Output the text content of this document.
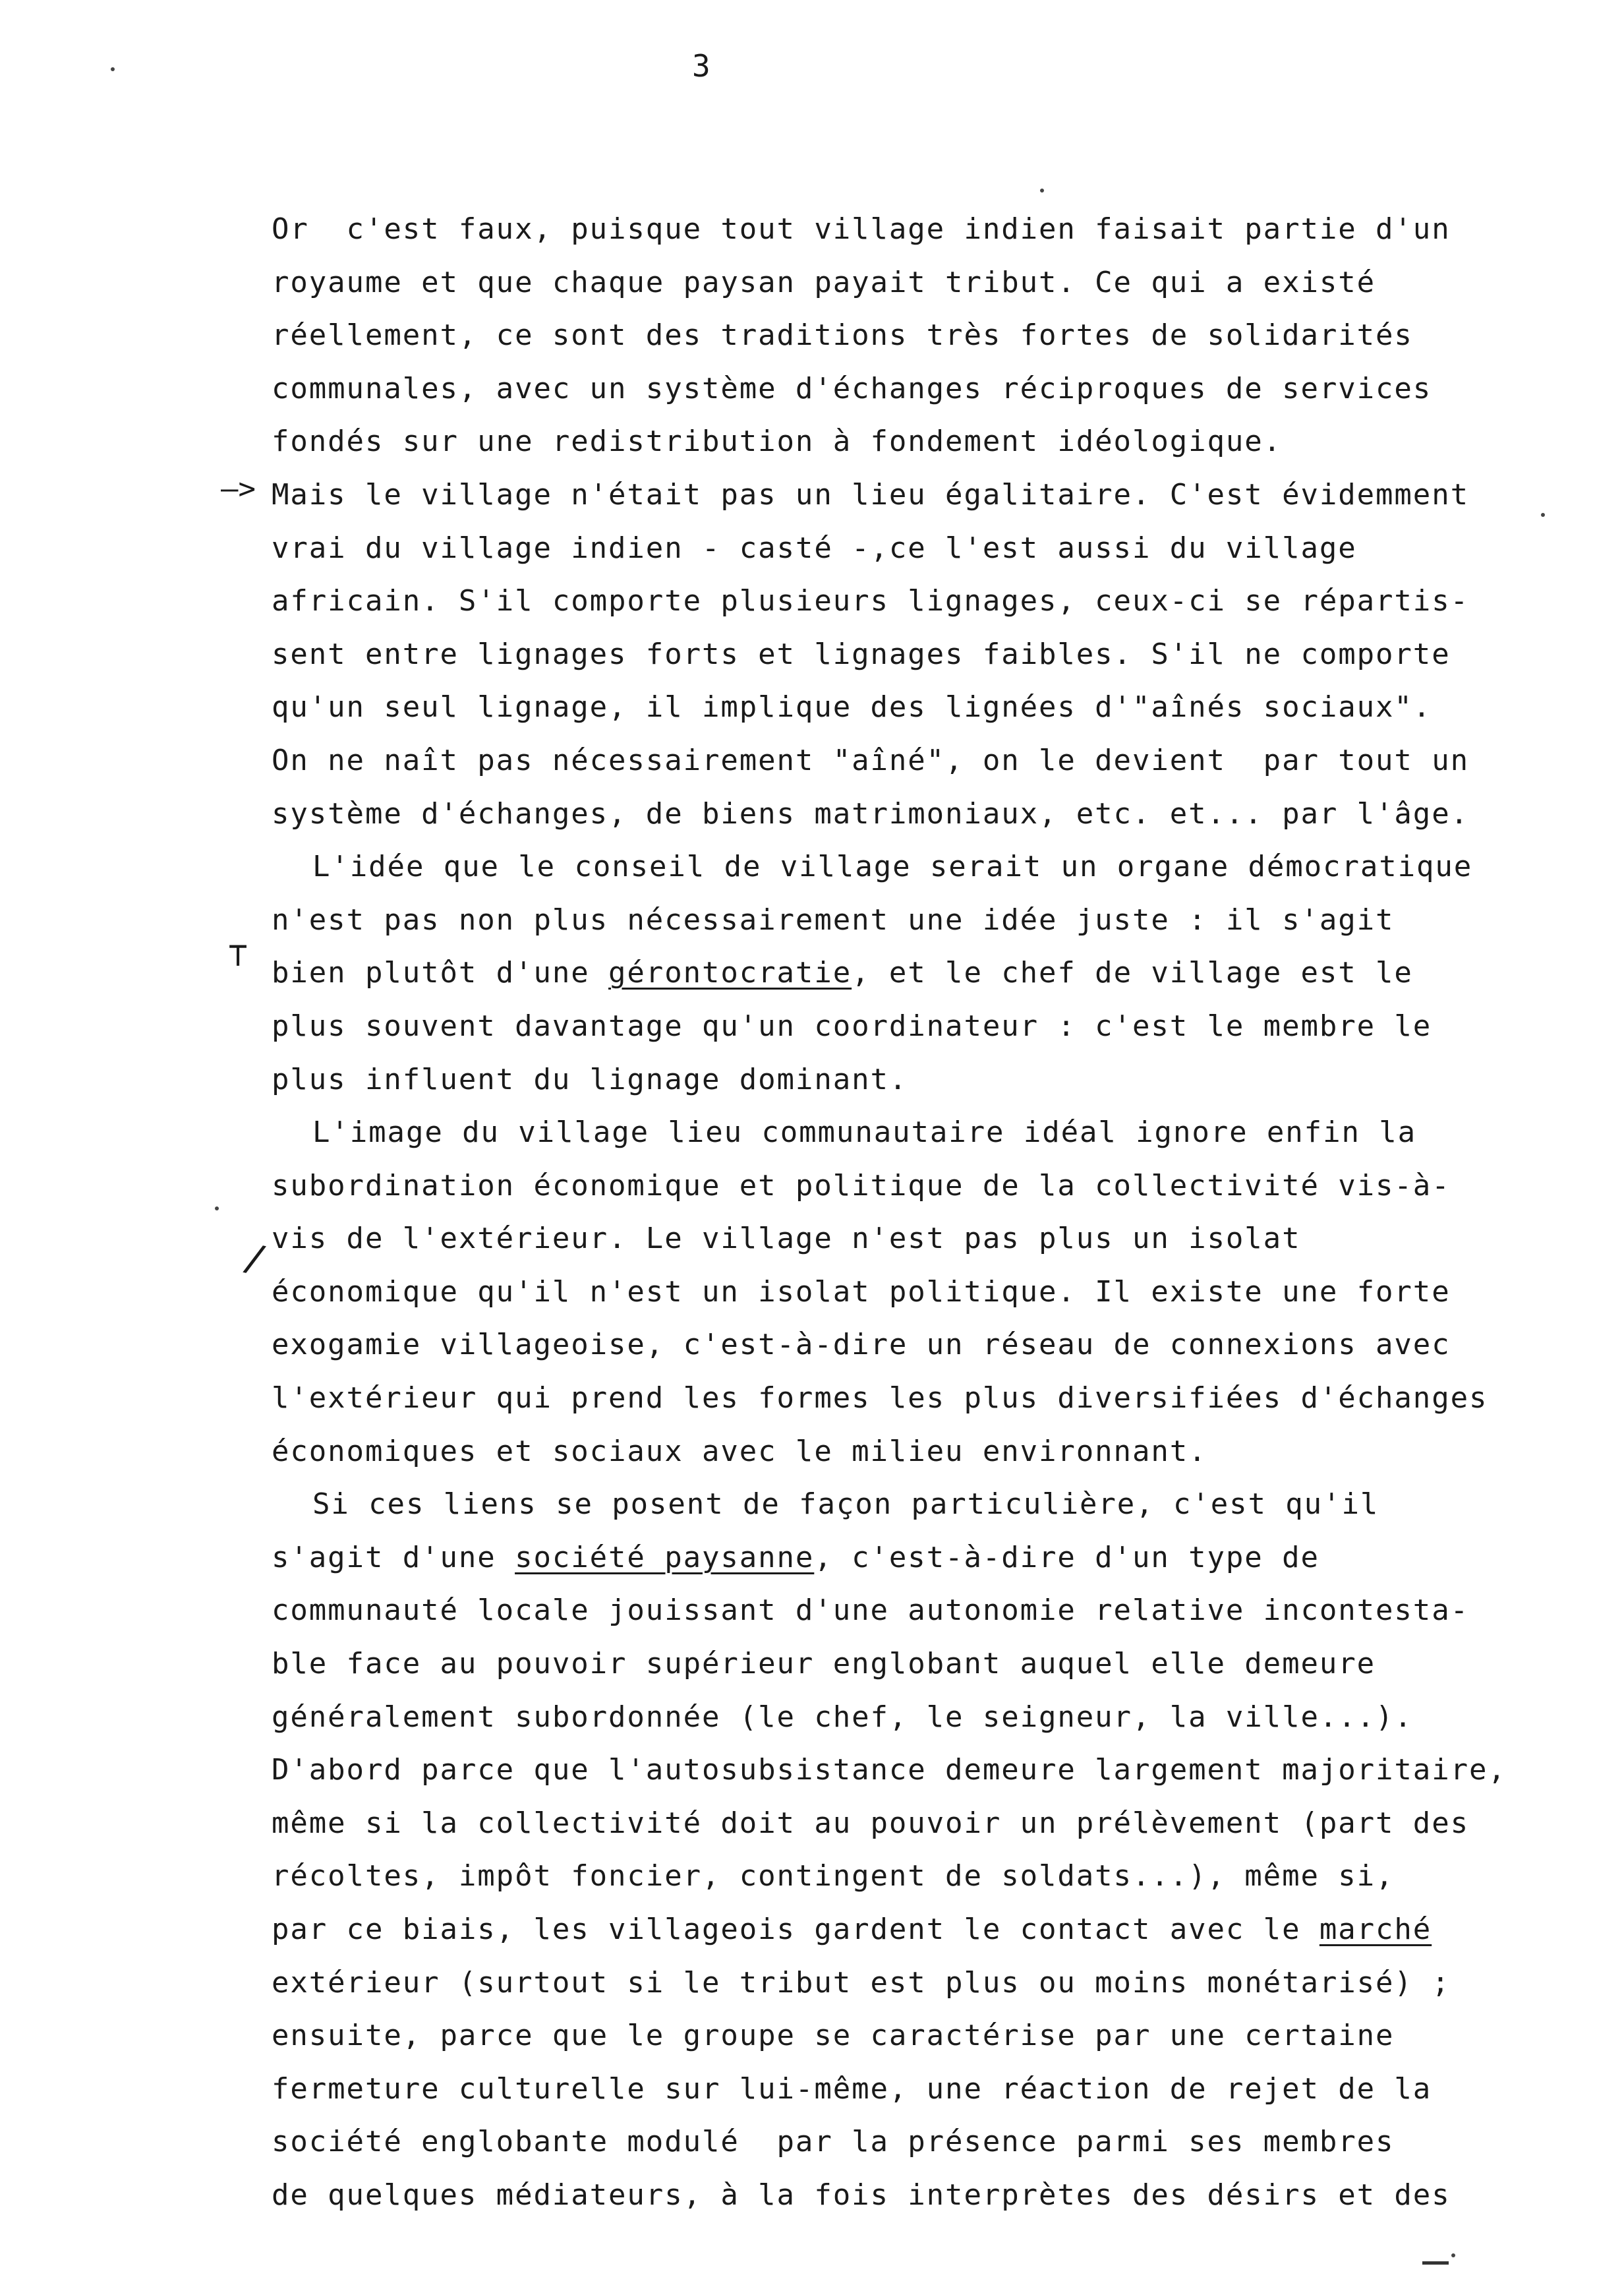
3
—>
⊤
/
Or  c'est faux, puisque tout village indien faisait partie d'un
royaume et que chaque paysan payait tribut. Ce qui a existé
réellement, ce sont des traditions très fortes de solidarités
communales, avec un système d'échanges réciproques de services
fondés sur une redistribution à fondement idéologique.
Mais le village n'était pas un lieu égalitaire. C'est évidemment
vrai du village indien - casté -,ce l'est aussi du village
africain. S'il comporte plusieurs lignages, ceux-ci se répartis-
sent entre lignages forts et lignages faibles. S'il ne comporte
qu'un seul lignage, il implique des lignées d'"aînés sociaux".
On ne naît pas nécessairement "aîné", on le devient  par tout un
système d'échanges, de biens matrimoniaux, etc. et... par l'âge.
L'idée que le conseil de village serait un organe démocratique
n'est pas non plus nécessairement une idée juste : il s'agit
bien plutôt d'une gérontocratie, et le chef de village est le
plus souvent davantage qu'un coordinateur : c'est le membre le
plus influent du lignage dominant.
L'image du village lieu communautaire idéal ignore enfin la
subordination économique et politique de la collectivité vis-à-
vis de l'extérieur. Le village n'est pas plus un isolat
économique qu'il n'est un isolat politique. Il existe une forte
exogamie villageoise, c'est-à-dire un réseau de connexions avec
l'extérieur qui prend les formes les plus diversifiées d'échanges
économiques et sociaux avec le milieu environnant.
Si ces liens se posent de façon particulière, c'est qu'il
s'agit d'une société paysanne, c'est-à-dire d'un type de
communauté locale jouissant d'une autonomie relative incontesta-
ble face au pouvoir supérieur englobant auquel elle demeure
généralement subordonnée (le chef, le seigneur, la ville...).
D'abord parce que l'autosubsistance demeure largement majoritaire,
même si la collectivité doit au pouvoir un prélèvement (part des
récoltes, impôt foncier, contingent de soldats...), même si,
par ce biais, les villageois gardent le contact avec le marché
extérieur (surtout si le tribut est plus ou moins monétarisé) ;
ensuite, parce que le groupe se caractérise par une certaine
fermeture culturelle sur lui-même, une réaction de rejet de la
société englobante modulé  par la présence parmi ses membres
de quelques médiateurs, à la fois interprètes des désirs et des
